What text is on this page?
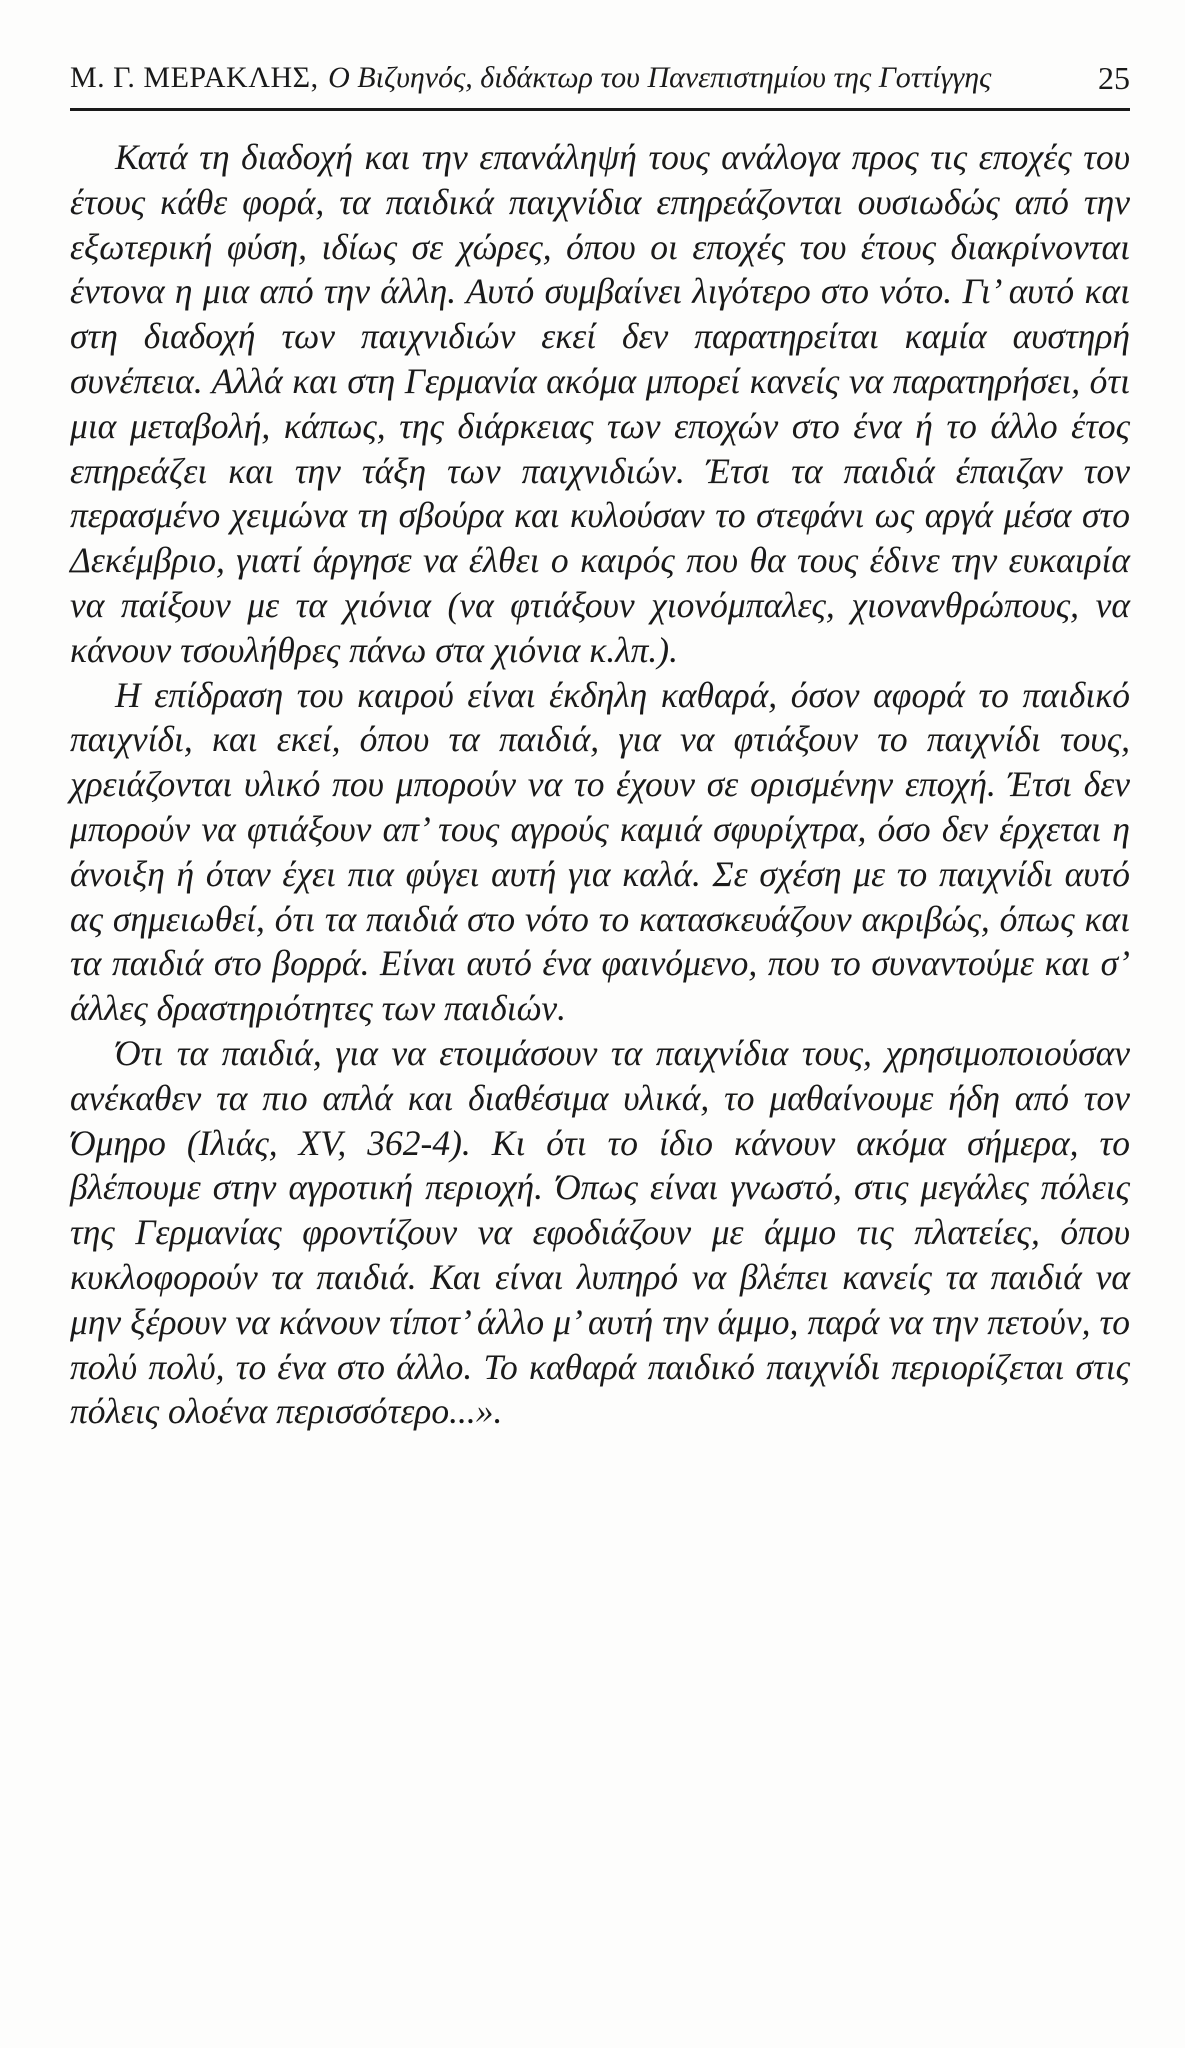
Μ. Γ. ΜΕΡΑΚΛΗΣ, Ο Βιζυηνός, διδάκτωρ του Πανεπιστημίου της Γοττίγγης	25

Κατά τη διαδοχή και την επανάληψή τους ανάλογα προς τις εποχές του έτους κάθε φορά, τα παιδικά παιχνίδια επηρεάζονται ουσιωδώς από την εξωτερική φύση, ιδίως σε χώρες, όπου οι εποχές του έτους διακρίνονται έντονα η μια από την άλλη. Αυτό συμβαίνει λιγότερο στο νότο. Γι’ αυτό και στη διαδοχή των παιχνιδιών εκεί δεν παρατηρείται καμία αυστηρή συνέπεια. Αλλά και στη Γερμανία ακόμα μπορεί κανείς να παρατηρήσει, ότι μια μεταβολή, κάπως, της διάρκειας των εποχών στο ένα ή το άλλο έτος επηρεάζει και την τάξη των παιχνιδιών. Έτσι τα παιδιά έπαιζαν τον περασμένο χειμώνα τη σβούρα και κυλούσαν το στεφάνι ως αργά μέσα στο Δεκέμβριο, γιατί άργησε να έλθει ο καιρός που θα τους έδινε την ευκαιρία να παίξουν με τα χιόνια (να φτιάξουν χιονόμπαλες, χιονανθρώπους, να κάνουν τσουλήθρες πάνω στα χιόνια κ.λπ.).

Η επίδραση του καιρού είναι έκδηλη καθαρά, όσον αφορά το παιδικό παιχνίδι, και εκεί, όπου τα παιδιά, για να φτιάξουν το παιχνίδι τους, χρειάζονται υλικό που μπορούν να το έχουν σε ορισμένην εποχή. Έτσι δεν μπορούν να φτιάξουν απ’ τους αγρούς καμιά σφυρίχτρα, όσο δεν έρχεται η άνοιξη ή όταν έχει πια φύγει αυτή για καλά. Σε σχέση με το παιχνίδι αυτό ας σημειωθεί, ότι τα παιδιά στο νότο το κατασκευάζουν ακριβώς, όπως και τα παιδιά στο βορρά. Είναι αυτό ένα φαινόμενο, που το συναντούμε και σ’ άλλες δραστηριότητες των παιδιών.

Ότι τα παιδιά, για να ετοιμάσουν τα παιχνίδια τους, χρησιμοποιούσαν ανέκαθεν τα πιο απλά και διαθέσιμα υλικά, το μαθαίνουμε ήδη από τον Όμηρο (Ιλιάς, XV, 362-4). Κι ότι το ίδιο κάνουν ακόμα σήμερα, το βλέπουμε στην αγροτική περιοχή. Όπως είναι γνωστό, στις μεγάλες πόλεις της Γερμανίας φροντίζουν να εφοδιάζουν με άμμο τις πλατείες, όπου κυκλοφορούν τα παιδιά. Και είναι λυπηρό να βλέπει κανείς τα παιδιά να μην ξέρουν να κάνουν τίποτ’ άλλο μ’ αυτή την άμμο, παρά να την πετούν, το πολύ πολύ, το ένα στο άλλο. Το καθαρά παιδικό παιχνίδι περιορίζεται στις πόλεις ολοένα περισσότερο...».
